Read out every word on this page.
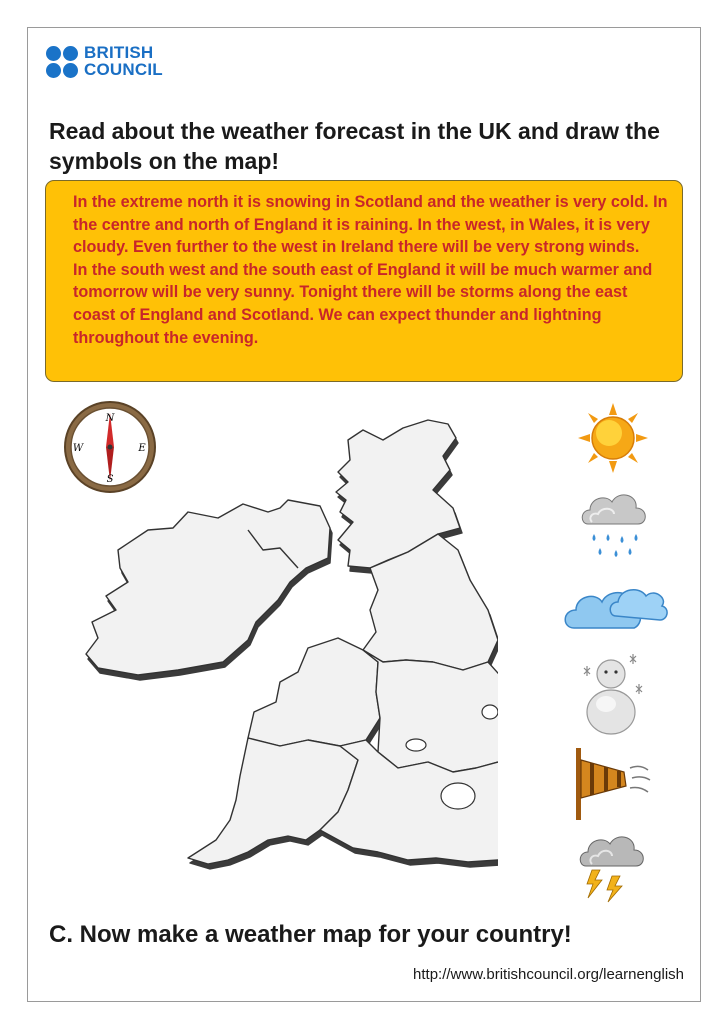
BRITISH
COUNCIL
Read about the weather forecast in the UK and draw the symbols on the map!

In the extreme north it is snowing in Scotland and the weather is very cold. In the centre and north of England it is raining. In the west, in Wales, it is very cloudy. Even further to the west in Ireland there will be very strong winds.

In the south west and the south east of England it will be much warmer and tomorrow will be very sunny. Tonight there will be storms along the east coast of England and Scotland. We can expect thunder and lightning throughout the evening.

N
S
E
W
C. Now make a weather map for your country!
http://www.britishcouncil.org/learnenglish
